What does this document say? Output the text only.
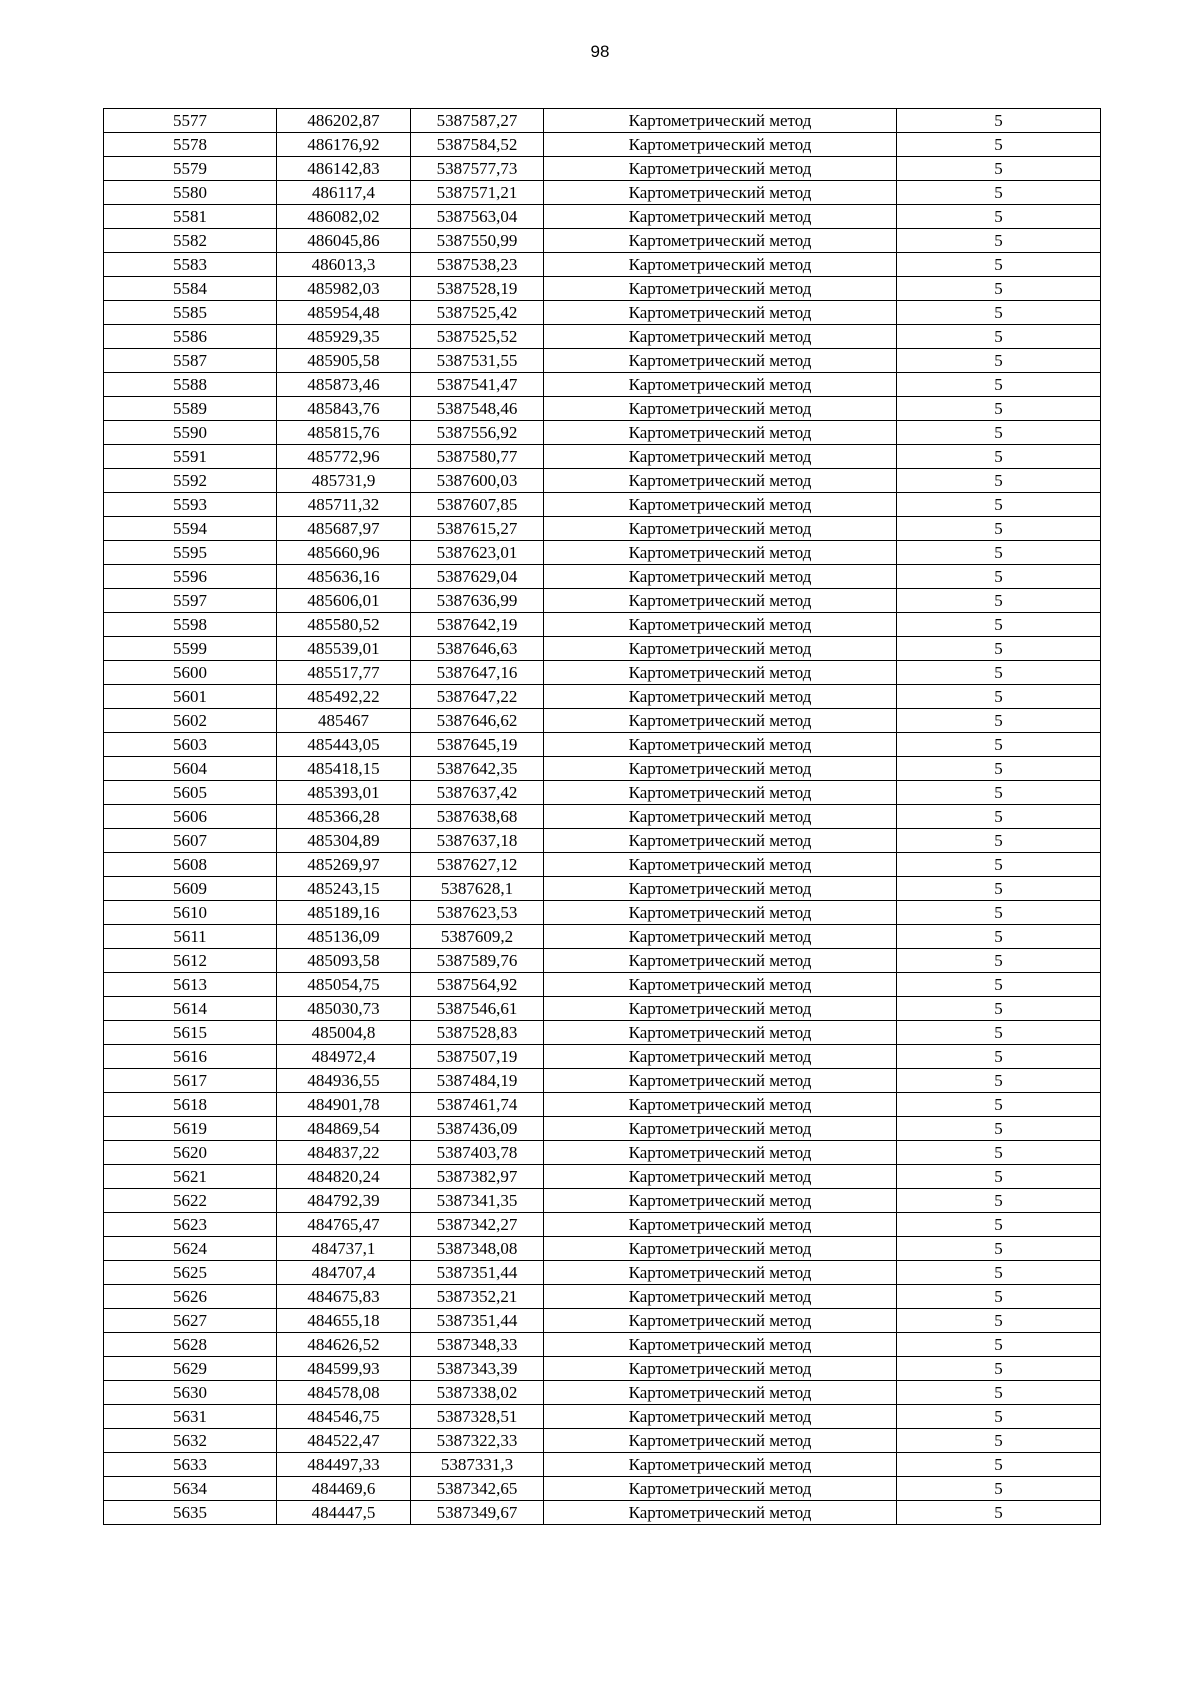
98
5577	486202,87	5387587,27	Картометрический метод	5
5578	486176,92	5387584,52	Картометрический метод	5
5579	486142,83	5387577,73	Картометрический метод	5
5580	486117,4	5387571,21	Картометрический метод	5
5581	486082,02	5387563,04	Картометрический метод	5
5582	486045,86	5387550,99	Картометрический метод	5
5583	486013,3	5387538,23	Картометрический метод	5
5584	485982,03	5387528,19	Картометрический метод	5
5585	485954,48	5387525,42	Картометрический метод	5
5586	485929,35	5387525,52	Картометрический метод	5
5587	485905,58	5387531,55	Картометрический метод	5
5588	485873,46	5387541,47	Картометрический метод	5
5589	485843,76	5387548,46	Картометрический метод	5
5590	485815,76	5387556,92	Картометрический метод	5
5591	485772,96	5387580,77	Картометрический метод	5
5592	485731,9	5387600,03	Картометрический метод	5
5593	485711,32	5387607,85	Картометрический метод	5
5594	485687,97	5387615,27	Картометрический метод	5
5595	485660,96	5387623,01	Картометрический метод	5
5596	485636,16	5387629,04	Картометрический метод	5
5597	485606,01	5387636,99	Картометрический метод	5
5598	485580,52	5387642,19	Картометрический метод	5
5599	485539,01	5387646,63	Картометрический метод	5
5600	485517,77	5387647,16	Картометрический метод	5
5601	485492,22	5387647,22	Картометрический метод	5
5602	485467	5387646,62	Картометрический метод	5
5603	485443,05	5387645,19	Картометрический метод	5
5604	485418,15	5387642,35	Картометрический метод	5
5605	485393,01	5387637,42	Картометрический метод	5
5606	485366,28	5387638,68	Картометрический метод	5
5607	485304,89	5387637,18	Картометрический метод	5
5608	485269,97	5387627,12	Картометрический метод	5
5609	485243,15	5387628,1	Картометрический метод	5
5610	485189,16	5387623,53	Картометрический метод	5
5611	485136,09	5387609,2	Картометрический метод	5
5612	485093,58	5387589,76	Картометрический метод	5
5613	485054,75	5387564,92	Картометрический метод	5
5614	485030,73	5387546,61	Картометрический метод	5
5615	485004,8	5387528,83	Картометрический метод	5
5616	484972,4	5387507,19	Картометрический метод	5
5617	484936,55	5387484,19	Картометрический метод	5
5618	484901,78	5387461,74	Картометрический метод	5
5619	484869,54	5387436,09	Картометрический метод	5
5620	484837,22	5387403,78	Картометрический метод	5
5621	484820,24	5387382,97	Картометрический метод	5
5622	484792,39	5387341,35	Картометрический метод	5
5623	484765,47	5387342,27	Картометрический метод	5
5624	484737,1	5387348,08	Картометрический метод	5
5625	484707,4	5387351,44	Картометрический метод	5
5626	484675,83	5387352,21	Картометрический метод	5
5627	484655,18	5387351,44	Картометрический метод	5
5628	484626,52	5387348,33	Картометрический метод	5
5629	484599,93	5387343,39	Картометрический метод	5
5630	484578,08	5387338,02	Картометрический метод	5
5631	484546,75	5387328,51	Картометрический метод	5
5632	484522,47	5387322,33	Картометрический метод	5
5633	484497,33	5387331,3	Картометрический метод	5
5634	484469,6	5387342,65	Картометрический метод	5
5635	484447,5	5387349,67	Картометрический метод	5
